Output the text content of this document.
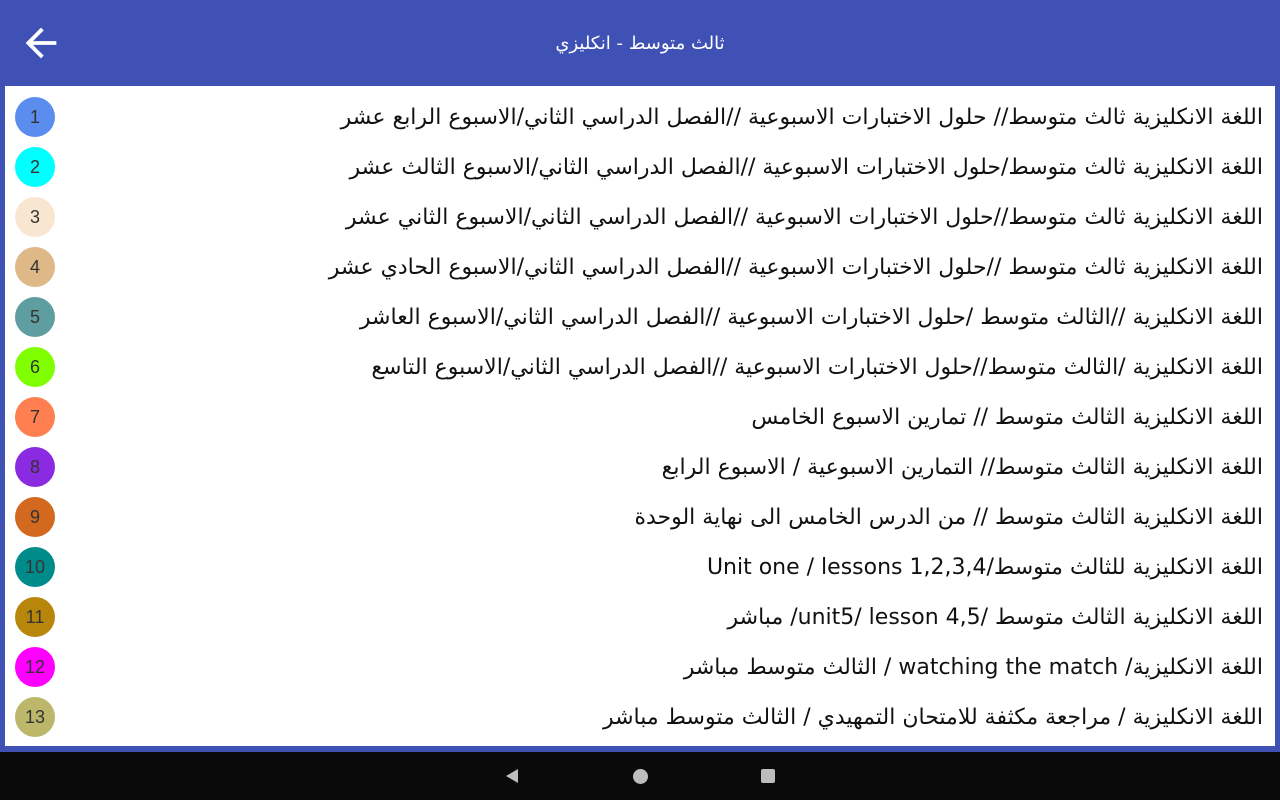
ثالث متوسط - انكليزي
1	اللغة الانكليزية ثالث متوسط// حلول الاختبارات الاسبوعية //الفصل الدراسي الثاني/الاسبوع الرابع عشر
2	اللغة الانكليزية ثالث متوسط/حلول الاختبارات الاسبوعية //الفصل الدراسي الثاني/الاسبوع الثالث عشر
3	اللغة الانكليزية ثالث متوسط//حلول الاختبارات الاسبوعية //الفصل الدراسي الثاني/الاسبوع الثاني عشر
4	اللغة الانكليزية ثالث متوسط //حلول الاختبارات الاسبوعية //الفصل الدراسي الثاني/الاسبوع الحادي عشر
5	اللغة الانكليزية //الثالث متوسط /حلول الاختبارات الاسبوعية //الفصل الدراسي الثاني/الاسبوع العاشر
6	اللغة الانكليزية /الثالث متوسط//حلول الاختبارات الاسبوعية //الفصل الدراسي الثاني/الاسبوع التاسع
7	اللغة الانكليزية الثالث متوسط // تمارين الاسبوع الخامس
8	اللغة الانكليزية الثالث متوسط// التمارين الاسبوعية / الاسبوع الرابع
9	اللغة الانكليزية الثالث متوسط // من الدرس الخامس الى نهاية الوحدة
10	اللغة الانكليزية للثالث متوسط/Unit one / lessons 1,2,3,4
11	اللغة الانكليزية الثالث متوسط /unit5/ lesson 4,5/ مباشر
12	اللغة الانكليزية/ watching the match / الثالث متوسط مباشر
13	اللغة الانكليزية / مراجعة مكثفة للامتحان التمهيدي / الثالث متوسط مباشر
